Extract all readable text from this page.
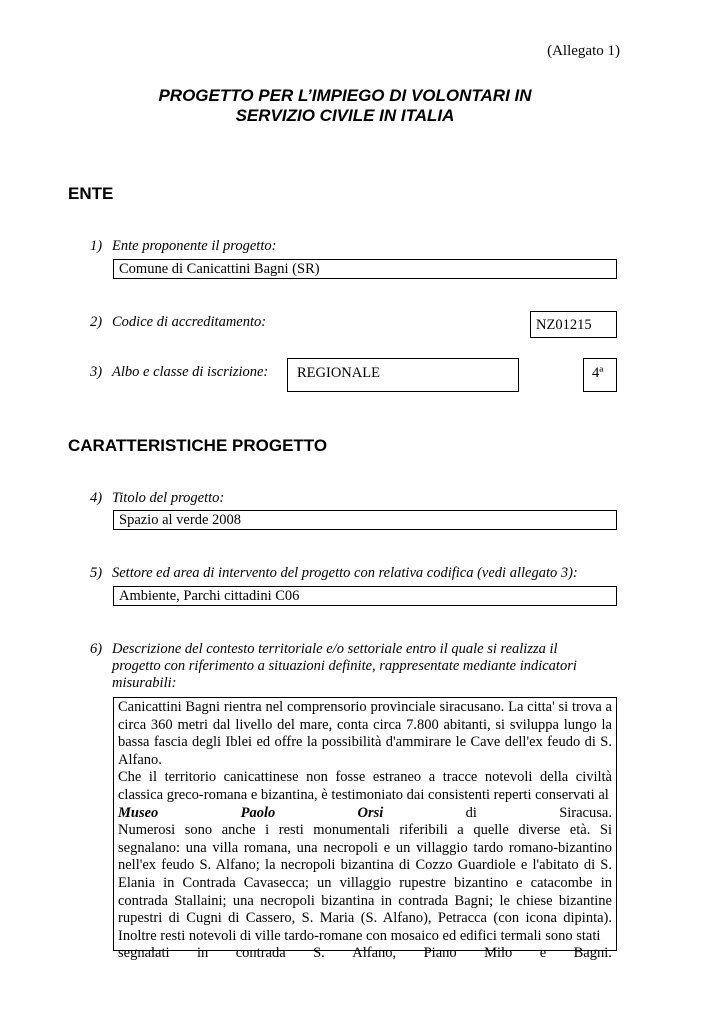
(Allegato 1)
PROGETTO PER L’IMPIEGO DI VOLONTARI IN
SERVIZIO CIVILE IN ITALIA
ENTE
1) Ente proponente il progetto:
Comune di Canicattini Bagni (SR)
2) Codice di accreditamento:	NZ01215
3) Albo e classe di iscrizione:	REGIONALE	4ª
CARATTERISTICHE PROGETTO
4) Titolo del progetto:
Spazio al verde 2008
5) Settore ed area di intervento del progetto con relativa codifica (vedi allegato 3):
Ambiente, Parchi cittadini C06
6) Descrizione del contesto territoriale e/o settoriale entro il quale si realizza il
progetto con riferimento a situazioni definite, rappresentate mediante indicatori
misurabili:

Canicattini Bagni rientra nel comprensorio provinciale siracusano. La citta' si trova a circa 360 metri dal livello del mare, conta circa 7.800 abitanti, si sviluppa lungo la bassa fascia degli Iblei ed offre la possibilità d'ammirare le Cave dell'ex feudo di S. Alfano.

Che il territorio canicattinese non fosse estraneo a tracce notevoli della civiltà classica greco-romana e bizantina, è testimoniato dai consistenti reperti conservati al

Museo	Paolo	Orsi	di	Siracusa.

Numerosi sono anche i resti monumentali riferibili a quelle diverse età. Si segnalano: una villa romana, una necropoli e un villaggio tardo romano-bizantino nell'ex feudo S. Alfano; la necropoli bizantina di Cozzo Guardiole e l'abitato di S. Elania in Contrada Cavasecca; un villaggio rupestre bizantino e catacombe in contrada Stallaini; una necropoli bizantina in contrada Bagni; le chiese bizantine rupestri di Cugni di Cassero, S. Maria (S. Alfano), Petracca (con icona dipinta). Inoltre resti notevoli di ville tardo-romane con mosaico ed edifici termali sono stati

segnalati in contrada S. Alfano, Piano Milo e Bagni.
